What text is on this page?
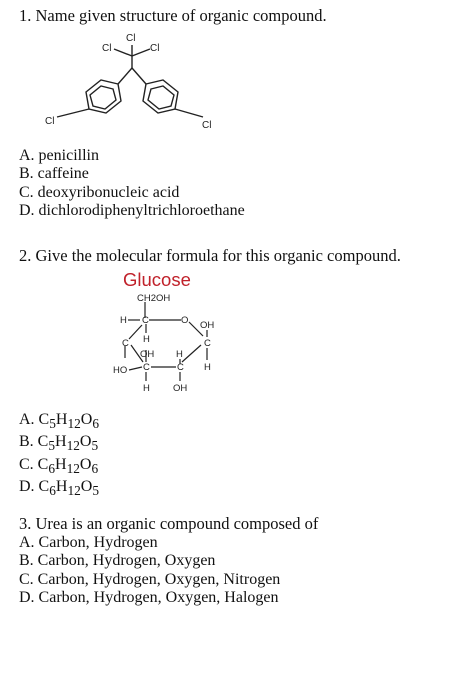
1. Name given structure of organic compound.

Cl
Cl	Cl
Cl	Cl
A. penicillin
B. caffeine
C. deoxyribonucleic acid
D. dichlorodiphenyltrichloroethane

2. Give the molecular formula for this organic compound.

Glucose

CH2OH
H C	O OH
H
C
OH H
C
H
HO C	C
H OH
A. $C_5H_{12}O_6$
B. $C_5H_{12}O_5$
C. $C_6H_{12}O_6$
D. $C_6H_{12}O_5$

3. Urea is an organic compound composed of

A. Carbon, Hydrogen
B. Carbon, Hydrogen, Oxygen
C. Carbon, Hydrogen, Oxygen, Nitrogen
D. Carbon, Hydrogen, Oxygen, Halogen
